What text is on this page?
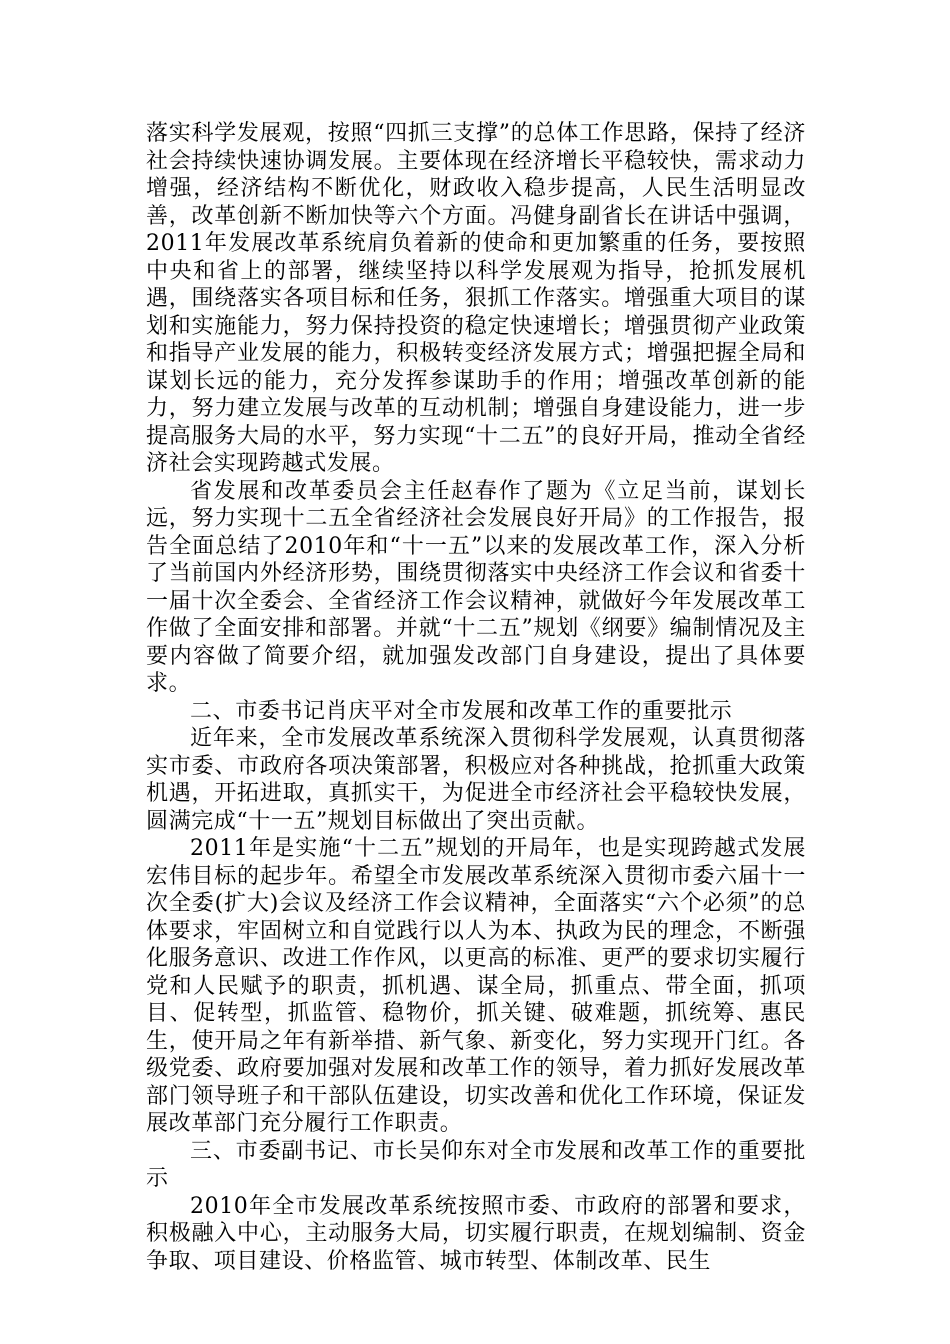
落实科学发展观，按照“四抓三支撑”的总体工作思路，保持了经济社会持续快速协调发展。主要体现在经济增长平稳较快，需求动力增强，经济结构不断优化，财政收入稳步提高，人民生活明显改善，改革创新不断加快等六个方面。冯健身副省长在讲话中强调，2011年发展改革系统肩负着新的使命和更加繁重的任务，要按照中央和省上的部署，继续坚持以科学发展观为指导，抢抓发展机遇，围绕落实各项目标和任务，狠抓工作落实。增强重大项目的谋划和实施能力，努力保持投资的稳定快速增长；增强贯彻产业政策和指导产业发展的能力，积极转变经济发展方式；增强把握全局和谋划长远的能力，充分发挥参谋助手的作用；增强改革创新的能力，努力建立发展与改革的互动机制；增强自身建设能力，进一步提高服务大局的水平，努力实现“十二五”的良好开局，推动全省经济社会实现跨越式发展。

省发展和改革委员会主任赵春作了题为《立足当前，谋划长远，努力实现十二五全省经济社会发展良好开局》的工作报告，报告全面总结了2010年和“十一五”以来的发展改革工作，深入分析了当前国内外经济形势，围绕贯彻落实中央经济工作会议和省委十一届十次全委会、全省经济工作会议精神，就做好今年发展改革工作做了全面安排和部署。并就“十二五”规划《纲要》编制情况及主要内容做了简要介绍，就加强发改部门自身建设，提出了具体要求。

二、市委书记肖庆平对全市发展和改革工作的重要批示

近年来，全市发展改革系统深入贯彻科学发展观，认真贯彻落实市委、市政府各项决策部署，积极应对各种挑战，抢抓重大政策机遇，开拓进取，真抓实干，为促进全市经济社会平稳较快发展，圆满完成“十一五”规划目标做出了突出贡献。

2011年是实施“十二五”规划的开局年，也是实现跨越式发展宏伟目标的起步年。希望全市发展改革系统深入贯彻市委六届十一次全委(扩大)会议及经济工作会议精神，全面落实“六个必须”的总体要求，牢固树立和自觉践行以人为本、执政为民的理念，不断强化服务意识、改进工作作风，以更高的标准、更严的要求切实履行党和人民赋予的职责，抓机遇、谋全局，抓重点、带全面，抓项目、促转型，抓监管、稳物价，抓关键、破难题，抓统筹、惠民生，使开局之年有新举措、新气象、新变化，努力实现开门红。各级党委、政府要加强对发展和改革工作的领导，着力抓好发展改革部门领导班子和干部队伍建设，切实改善和优化工作环境，保证发展改革部门充分履行工作职责。

三、市委副书记、市长吴仰东对全市发展和改革工作的重要批示

2010年全市发展改革系统按照市委、市政府的部署和要求，积极融入中心，主动服务大局，切实履行职责，在规划编制、资金争取、项目建设、价格监管、城市转型、体制改革、民生
